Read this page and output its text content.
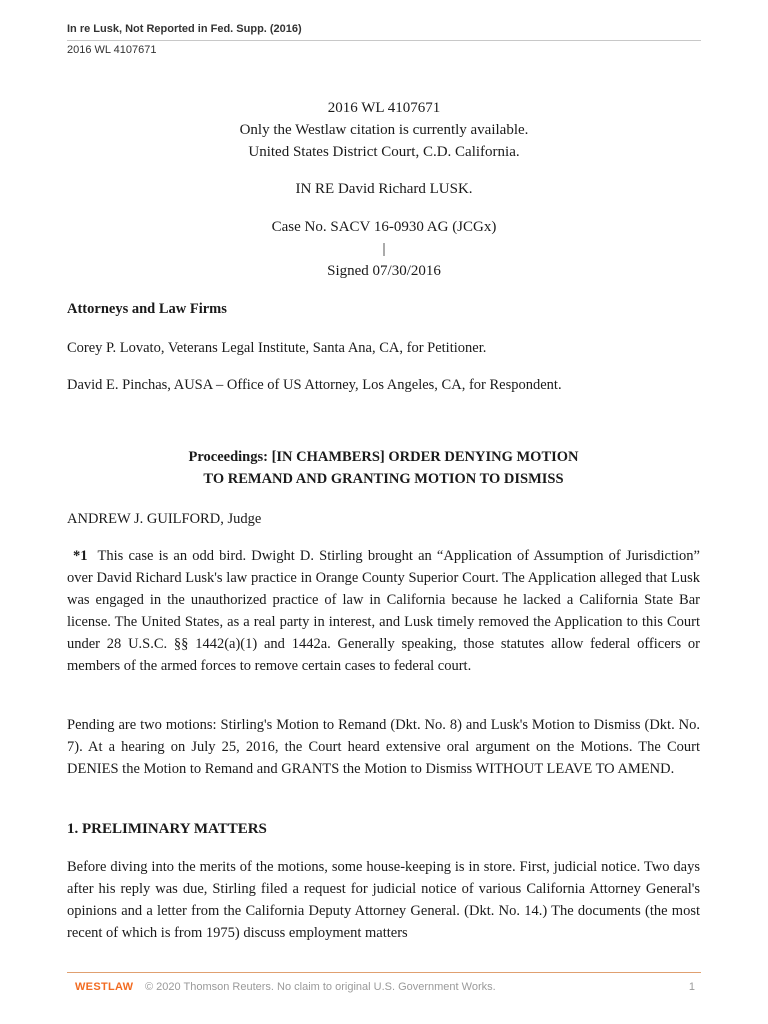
In re Lusk, Not Reported in Fed. Supp. (2016)
2016 WL 4107671
2016 WL 4107671
Only the Westlaw citation is currently available.
United States District Court, C.D. California.
IN RE David Richard LUSK.
Case No. SACV 16-0930 AG (JCGx)
|
Signed 07/30/2016
Attorneys and Law Firms
Corey P. Lovato, Veterans Legal Institute, Santa Ana, CA, for Petitioner.
David E. Pinchas, AUSA – Office of US Attorney, Los Angeles, CA, for Respondent.
Proceedings: [IN CHAMBERS] ORDER DENYING MOTION
TO REMAND AND GRANTING MOTION TO DISMISS
ANDREW J. GUILFORD, Judge
*1 This case is an odd bird. Dwight D. Stirling brought an “Application of Assumption of Jurisdiction” over David Richard Lusk's law practice in Orange County Superior Court. The Application alleged that Lusk was engaged in the unauthorized practice of law in California because he lacked a California State Bar license. The United States, as a real party in interest, and Lusk timely removed the Application to this Court under 28 U.S.C. §§ 1442(a)(1) and 1442a. Generally speaking, those statutes allow federal officers or members of the armed forces to remove certain cases to federal court.
Pending are two motions: Stirling's Motion to Remand (Dkt. No. 8) and Lusk's Motion to Dismiss (Dkt. No. 7). At a hearing on July 25, 2016, the Court heard extensive oral argument on the Motions. The Court DENIES the Motion to Remand and GRANTS the Motion to Dismiss WITHOUT LEAVE TO AMEND.
1. PRELIMINARY MATTERS
Before diving into the merits of the motions, some house-keeping is in store. First, judicial notice. Two days after his reply was due, Stirling filed a request for judicial notice of various California Attorney General's opinions and a letter from the California Deputy Attorney General. (Dkt. No. 14.) The documents (the most recent of which is from 1975) discuss employment matters
WESTLAW © 2020 Thomson Reuters. No claim to original U.S. Government Works.	1
